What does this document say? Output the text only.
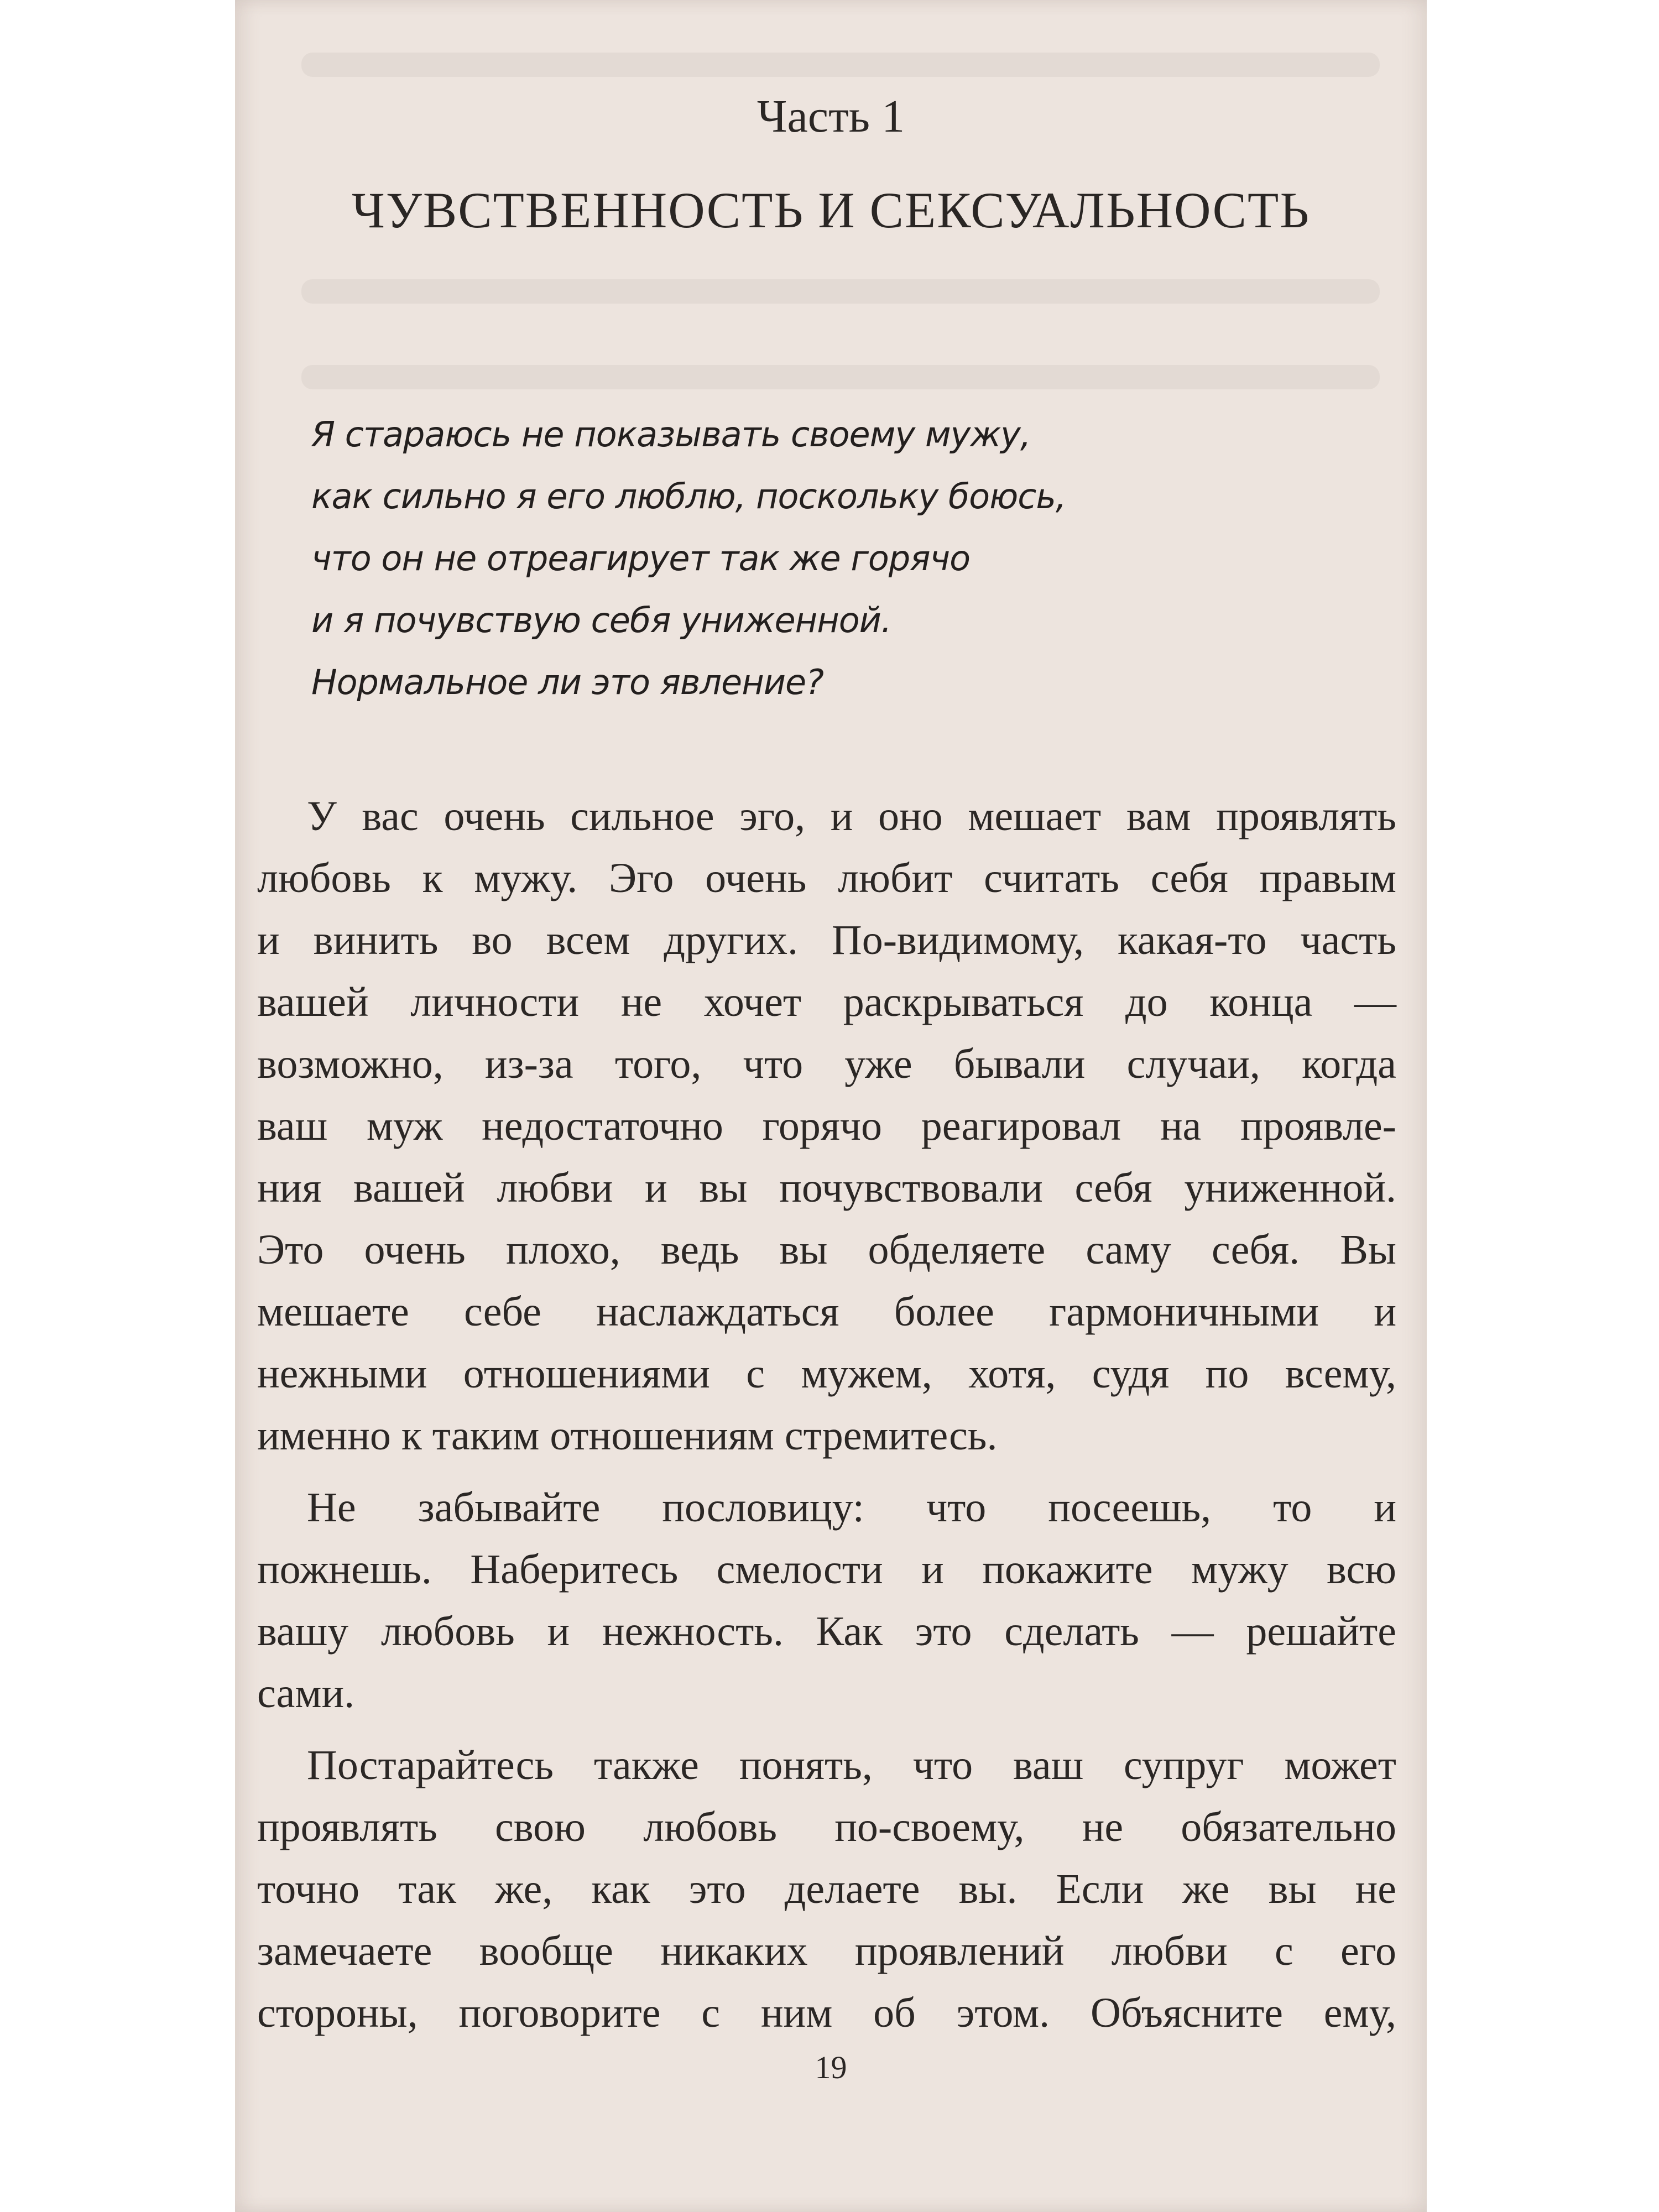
Часть 1
ЧУВСТВЕННОСТЬ И СЕКСУАЛЬНОСТЬ
Я стараюсь не показывать своему мужу,
как сильно я его люблю, поскольку боюсь,
что он не отреагирует так же горячо
и я почувствую себя униженной.
Нормальное ли это явление?
У вас очень сильное эго, и оно мешает вам проявлять
любовь к мужу. Эго очень любит считать себя правым
и винить во всем других. По-видимому, какая-то часть
вашей личности не хочет раскрываться до конца —
возможно, из-за того, что уже бывали случаи, когда
ваш муж недостаточно горячо реагировал на проявле-
ния вашей любви и вы почувствовали себя униженной.
Это очень плохо, ведь вы обделяете саму себя. Вы
мешаете себе наслаждаться более гармоничными и
нежными отношениями с мужем, хотя, судя по всему,
именно к таким отношениям стремитесь.
Не забывайте пословицу: что посеешь, то и
пожнешь. Наберитесь смелости и покажите мужу всю
вашу любовь и нежность. Как это сделать — решайте
сами.
Постарайтесь также понять, что ваш супруг может
проявлять свою любовь по-своему, не обязательно
точно так же, как это делаете вы. Если же вы не
замечаете вообще никаких проявлений любви с его
стороны, поговорите с ним об этом. Объясните ему,
19
